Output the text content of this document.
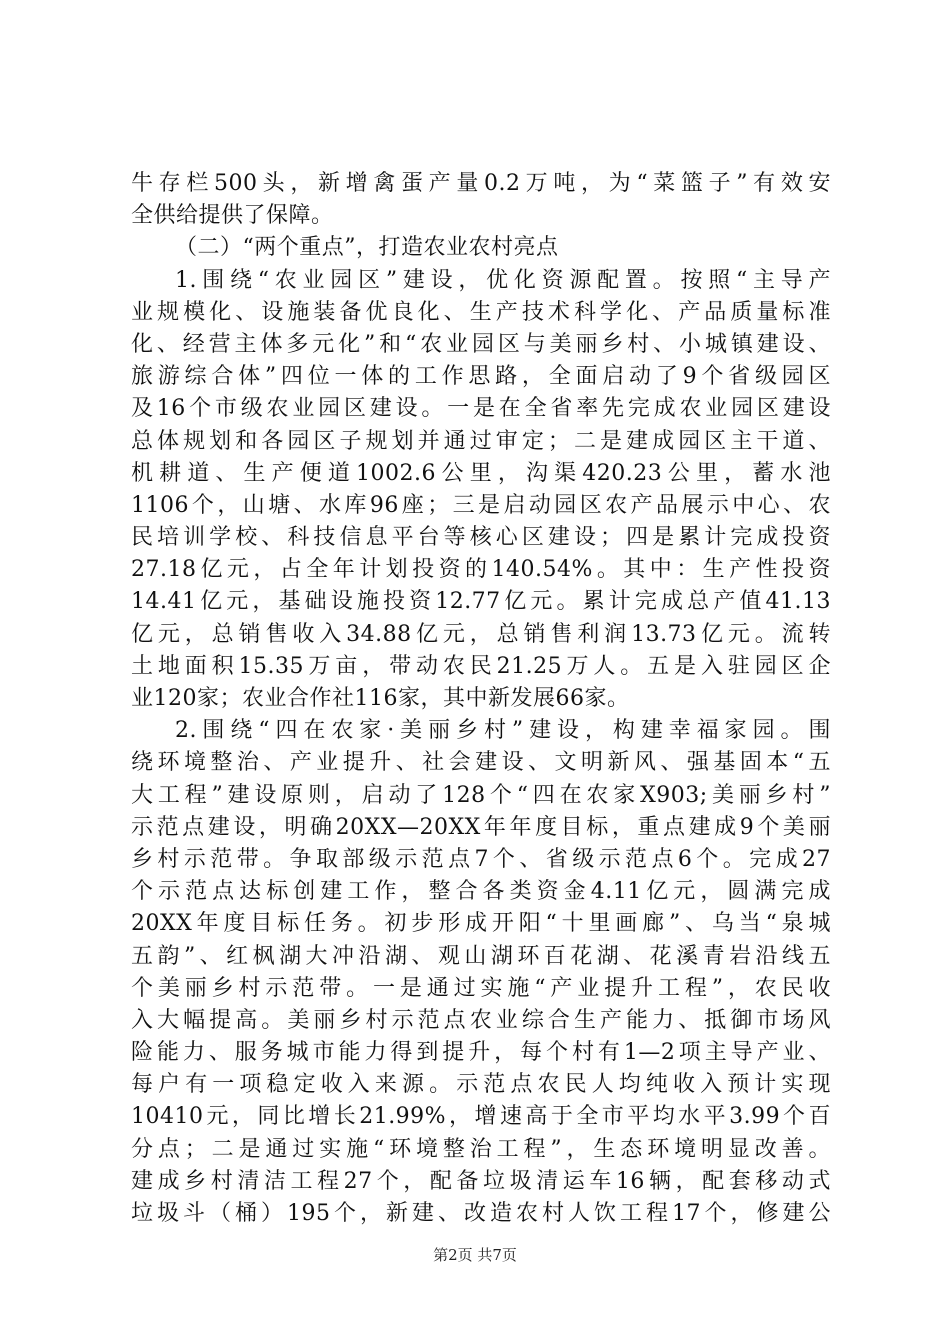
牛存栏500头，新增禽蛋产量0.2万吨，为“菜篮子”有效安
全供给提供了保障。
（二）“两个重点”，打造农业农村亮点
1.围绕“农业园区”建设，优化资源配置。按照“主导产
业规模化、设施装备优良化、生产技术科学化、产品质量标准
化、经营主体多元化”和“农业园区与美丽乡村、小城镇建设、
旅游综合体”四位一体的工作思路，全面启动了9个省级园区
及16个市级农业园区建设。一是在全省率先完成农业园区建设
总体规划和各园区子规划并通过审定；二是建成园区主干道、
机耕道、生产便道1002.6公里，沟渠420.23公里，蓄水池
1106个，山塘、水库96座；三是启动园区农产品展示中心、农
民培训学校、科技信息平台等核心区建设；四是累计完成投资
27.18亿元，占全年计划投资的140.54%。其中：生产性投资
14.41亿元，基础设施投资12.77亿元。累计完成总产值41.13
亿元，总销售收入34.88亿元，总销售利润13.73亿元。流转
土地面积15.35万亩，带动农民21.25万人。五是入驻园区企
业120家；农业合作社116家，其中新发展66家。
2.围绕“四在农家·美丽乡村”建设，构建幸福家园。围
绕环境整治、产业提升、社会建设、文明新风、强基固本“五
大工程”建设原则，启动了128个“四在农家X903;美丽乡村”
示范点建设，明确20XX—20XX年年度目标，重点建成9个美丽
乡村示范带。争取部级示范点7个、省级示范点6个。完成27
个示范点达标创建工作，整合各类资金4.11亿元，圆满完成
20XX年度目标任务。初步形成开阳“十里画廊”、乌当“泉城
五韵”、红枫湖大冲沿湖、观山湖环百花湖、花溪青岩沿线五
个美丽乡村示范带。一是通过实施“产业提升工程”，农民收
入大幅提高。美丽乡村示范点农业综合生产能力、抵御市场风
险能力、服务城市能力得到提升，每个村有1—2项主导产业、
每户有一项稳定收入来源。示范点农民人均纯收入预计实现
10410元，同比增长21.99%，增速高于全市平均水平3.99个百
分点；二是通过实施“环境整治工程”，生态环境明显改善。
建成乡村清洁工程27个，配备垃圾清运车16辆，配套移动式
垃圾斗（桶）195个，新建、改造农村人饮工程17个，修建公
第2页 共7页
